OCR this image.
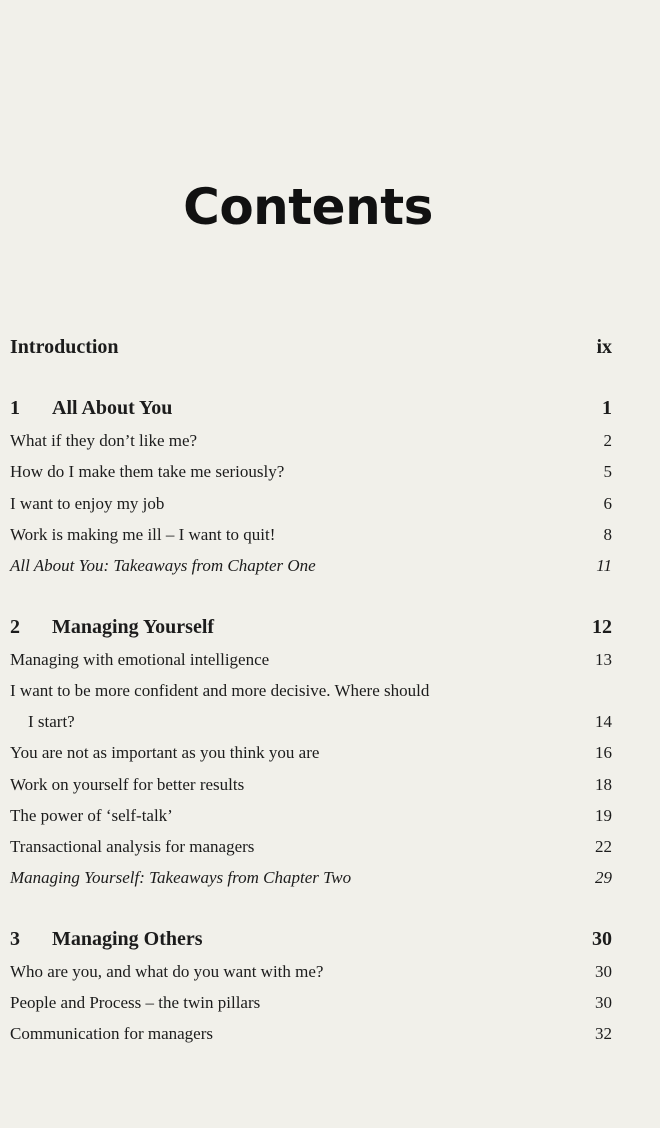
Contents
Introduction	ix
1 All About You	1
What if they don’t like me?	2
How do I make them take me seriously?	5
I want to enjoy my job	6
Work is making me ill – I want to quit!	8
All About You: Takeaways from Chapter One	11
2 Managing Yourself	12
Managing with emotional intelligence	13
I want to be more confident and more decisive. Where should
I start?	14
You are not as important as you think you are	16
Work on yourself for better results	18
The power of ‘self-talk’	19
Transactional analysis for managers	22
Managing Yourself: Takeaways from Chapter Two	29
3 Managing Others	30
Who are you, and what do you want with me?	30
People and Process – the twin pillars	30
Communication for managers	32
